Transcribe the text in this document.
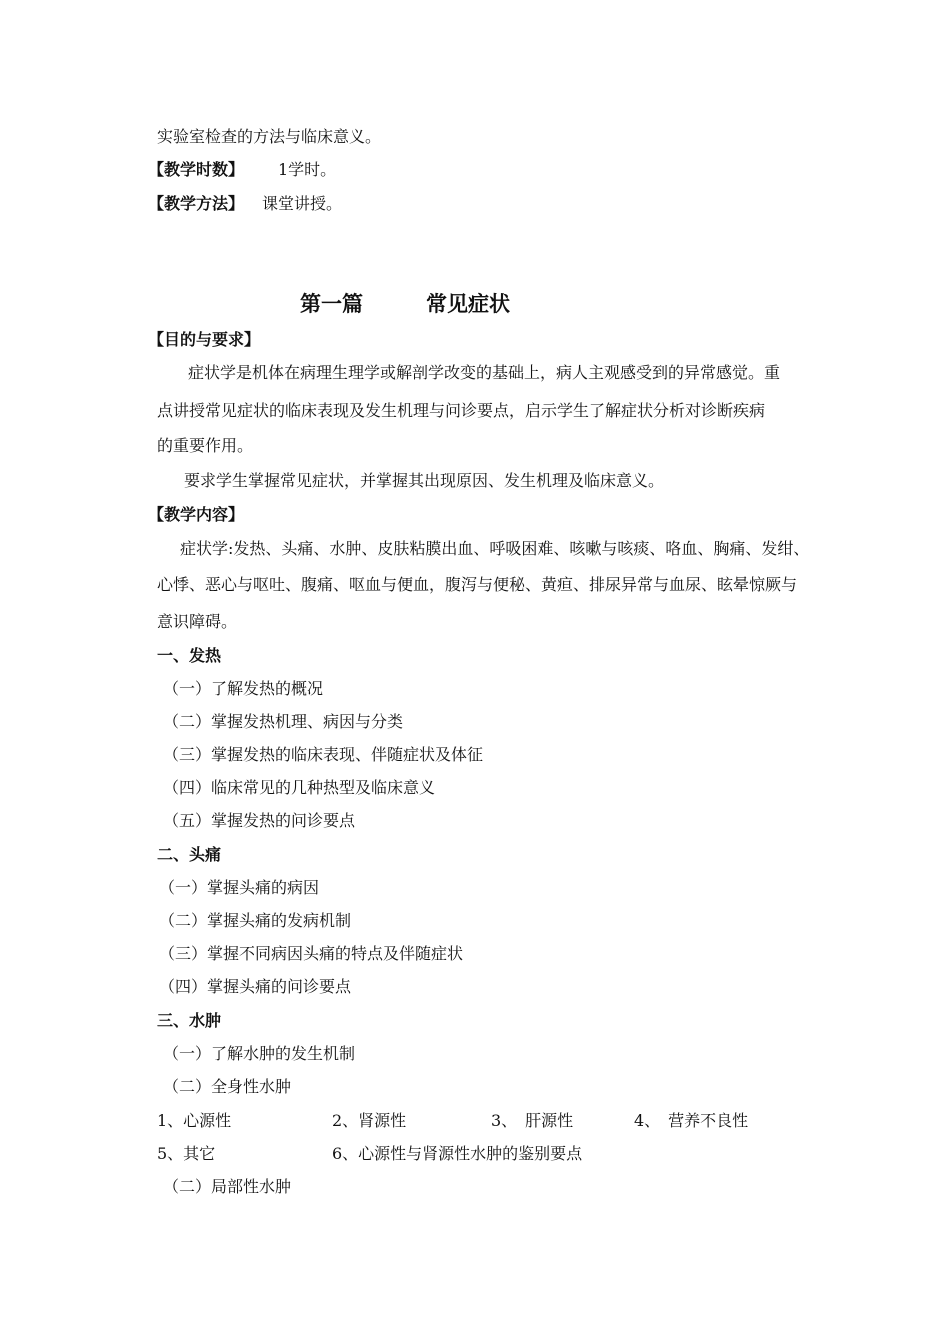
实验室检查的方法与临床意义。
【教学时数】 1学时。
【教学方法】 课堂讲授。
第一篇	常见症状
【目的与要求】
症状学是机体在病理生理学或解剖学改变的基础上，病人主观感受到的异常感觉。重
点讲授常见症状的临床表现及发生机理与问诊要点，启示学生了解症状分析对诊断疾病
的重要作用。
要求学生掌握常见症状，并掌握其出现原因、发生机理及临床意义。
【教学内容】
症状学:发热、头痛、水肿、皮肤粘膜出血、呼吸困难、咳嗽与咳痰、咯血、胸痛、发绀、
心悸、恶心与呕吐、腹痛、呕血与便血，腹泻与便秘、黄疸、排尿异常与血尿、眩晕惊厥与
意识障碍。
一、发热
（一）了解发热的概况
（二）掌握发热机理、病因与分类
（三）掌握发热的临床表现、伴随症状及体征
（四）临床常见的几种热型及临床意义
（五）掌握发热的问诊要点
二、头痛
（一）掌握头痛的病因
（二）掌握头痛的发病机制
（三）掌握不同病因头痛的特点及伴随症状
（四）掌握头痛的问诊要点
三、水肿
（一）了解水肿的发生机制
（二）全身性水肿
1、心源性	2、肾源性	3、　肝源性	4、　营养不良性
5、其它	6、心源性与肾源性水肿的鉴别要点
（二）局部性水肿
